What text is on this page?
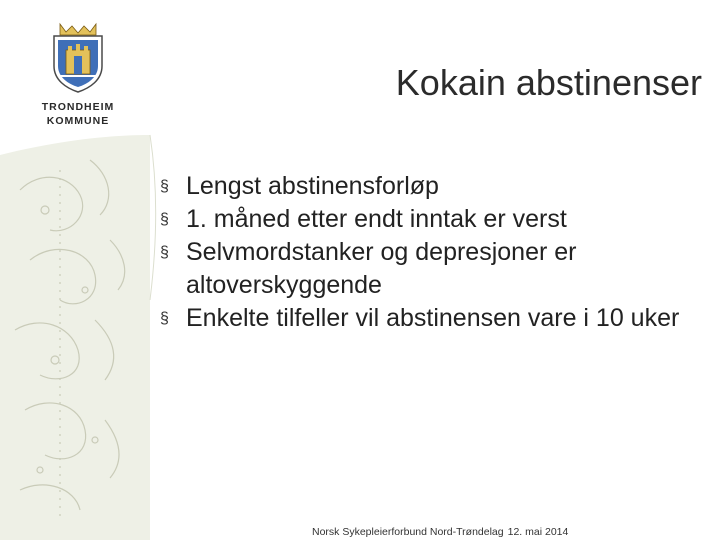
TRONDHEIM
KOMMUNE
Kokain abstinenser
§ Lengst abstinensforløp
§ 1. måned etter endt inntak er verst
§ Selvmordstanker og depresjoner er altoverskyggende
§ Enkelte tilfeller vil abstinensen vare i 10 uker
Norsk Sykepleierforbund Nord-Trøndelag 12. mai 2014
